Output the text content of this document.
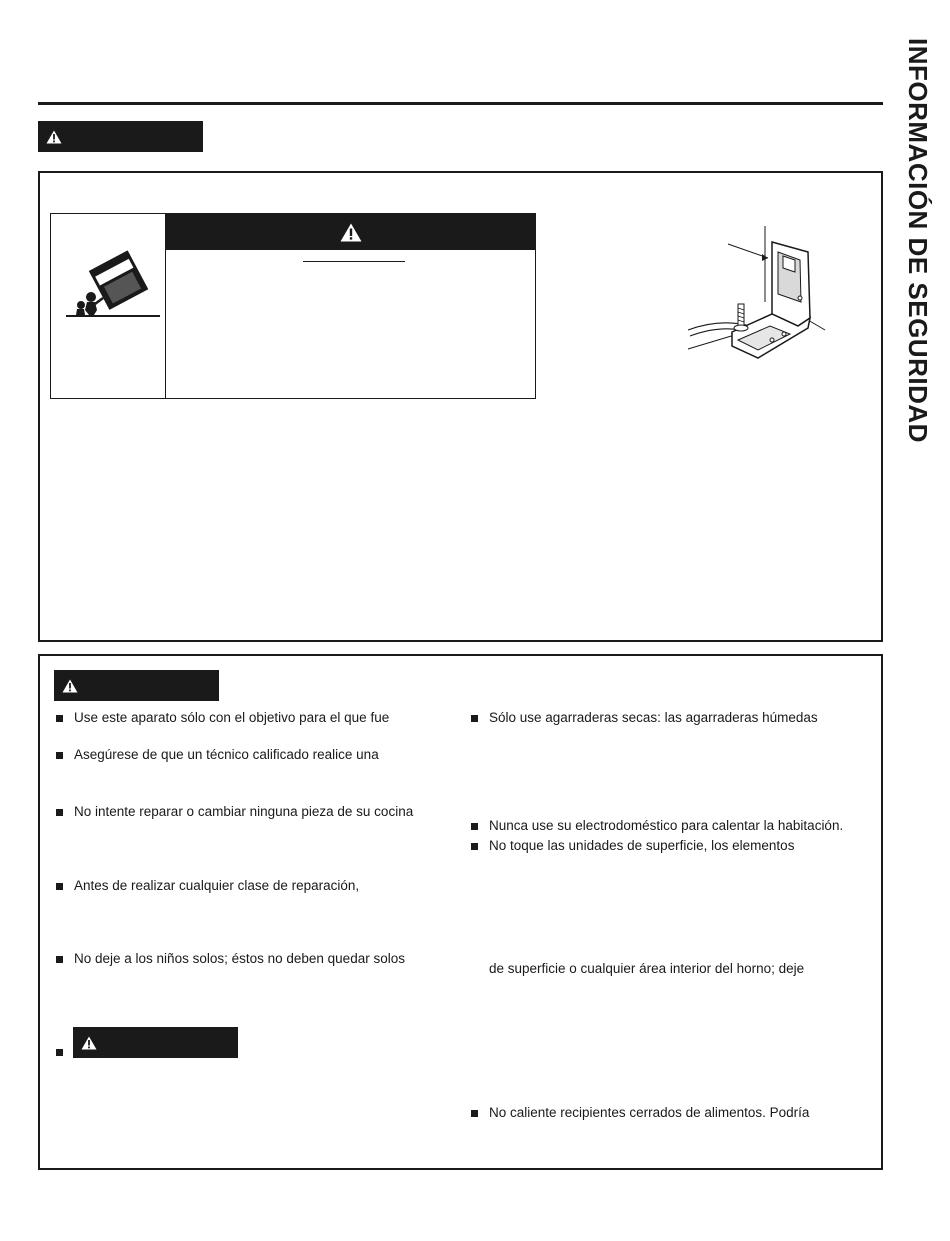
INFORMACIÓN DE SEGURIDAD
Use este aparato sólo con el objetivo para el que fue
Asegúrese de que un técnico calificado realice una
No intente reparar o cambiar ninguna pieza de su cocina
Antes de realizar cualquier clase de reparación,
No deje a los niños solos; éstos no deben quedar solos
Sólo use agarraderas secas: las agarraderas húmedas
Nunca use su electrodoméstico para calentar la habitación.
No toque las unidades de superficie, los elementos
de superficie o cualquier área interior del horno; deje
No caliente recipientes cerrados de alimentos. Podría
